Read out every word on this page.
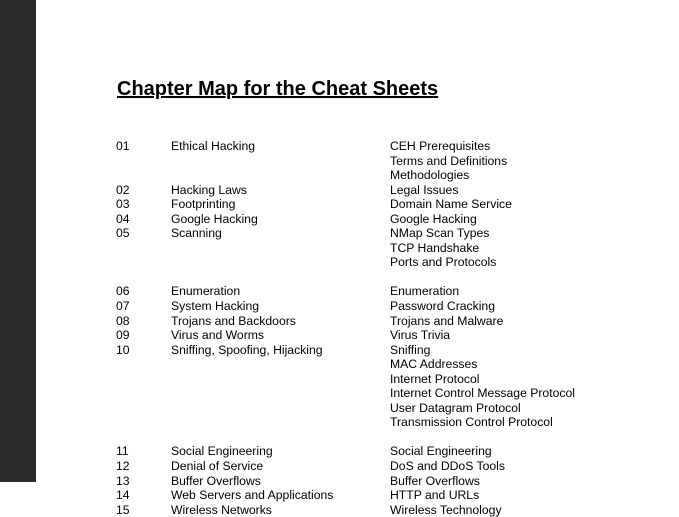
Chapter Map for the Cheat Sheets
01	Ethical Hacking	CEH Prerequisites
Terms and Definitions
Methodologies
02	Hacking Laws	Legal Issues
03	Footprinting	Domain Name Service
04	Google Hacking	Google Hacking
05	Scanning	NMap Scan Types
TCP Handshake
Ports and Protocols
06	Enumeration	Enumeration
07	System Hacking	Password Cracking
08	Trojans and Backdoors	Trojans and Malware
09	Virus and Worms	Virus Trivia
10	Sniffing, Spoofing, Hijacking	Sniffing
MAC Addresses
Internet Protocol
Internet Control Message Protocol
User Datagram Protocol
Transmission Control Protocol
11	Social Engineering	Social Engineering
12	Denial of Service	DoS and DDoS Tools
13	Buffer Overflows	Buffer Overflows
14	Web Servers and Applications	HTTP and URLs
15	Wireless Networks	Wireless Technology
